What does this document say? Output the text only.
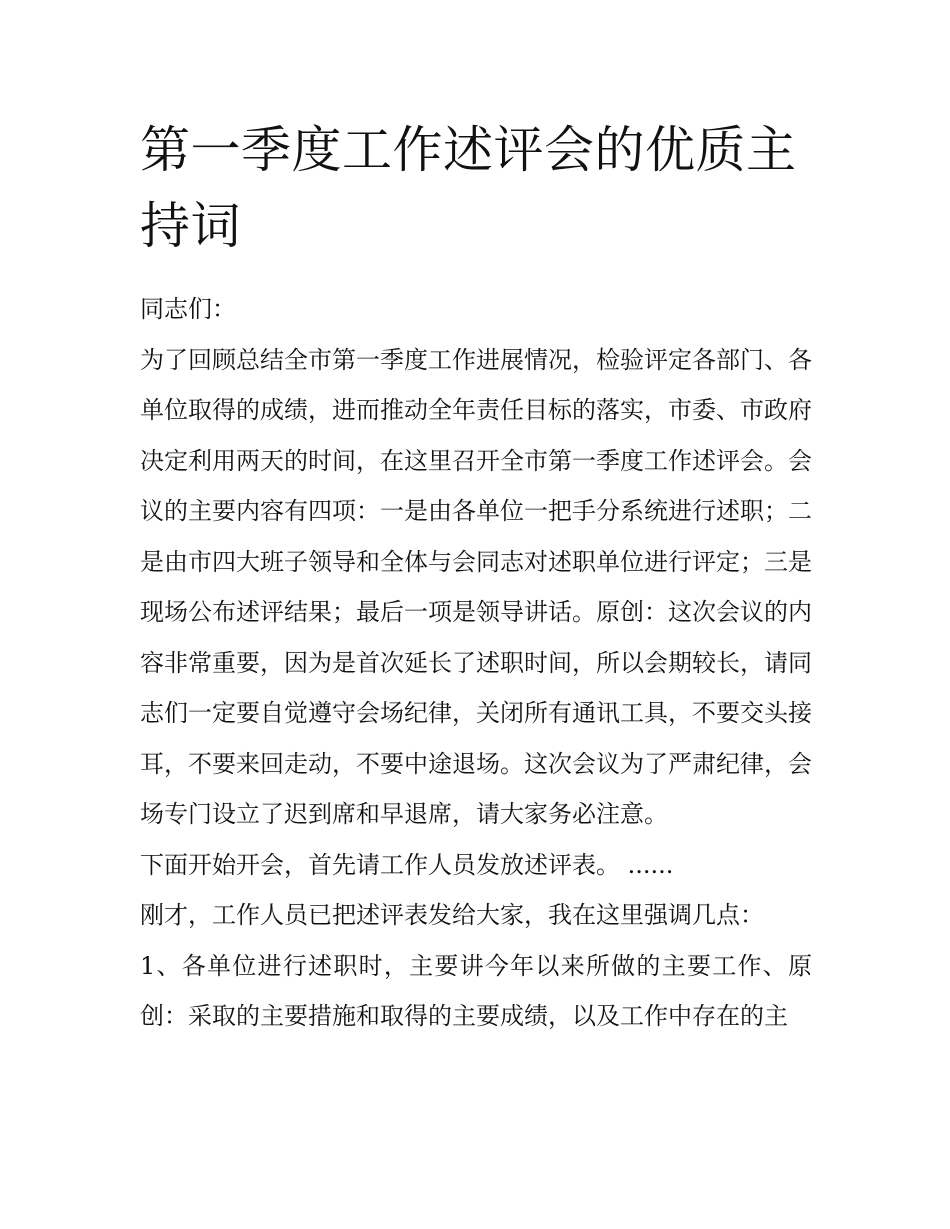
第一季度工作述评会的优质主持词

同志们：

为了回顾总结全市第一季度工作进展情况，检验评定各部门、各单位取得的成绩，进而推动全年责任目标的落实，市委、市政府决定利用两天的时间，在这里召开全市第一季度工作述评会。会议的主要内容有四项：一是由各单位一把手分系统进行述职；二是由市四大班子领导和全体与会同志对述职单位进行评定；三是现场公布述评结果；最后一项是领导讲话。原创：这次会议的内容非常重要，因为是首次延长了述职时间，所以会期较长，请同志们一定要自觉遵守会场纪律，关闭所有通讯工具，不要交头接耳，不要来回走动，不要中途退场。这次会议为了严肃纪律，会场专门设立了迟到席和早退席，请大家务必注意。

下面开始开会，首先请工作人员发放述评表。 ......

刚才，工作人员已把述评表发给大家，我在这里强调几点：

1、各单位进行述职时，主要讲今年以来所做的主要工作、原创：采取的主要措施和取得的主要成绩，以及工作中存在的主
